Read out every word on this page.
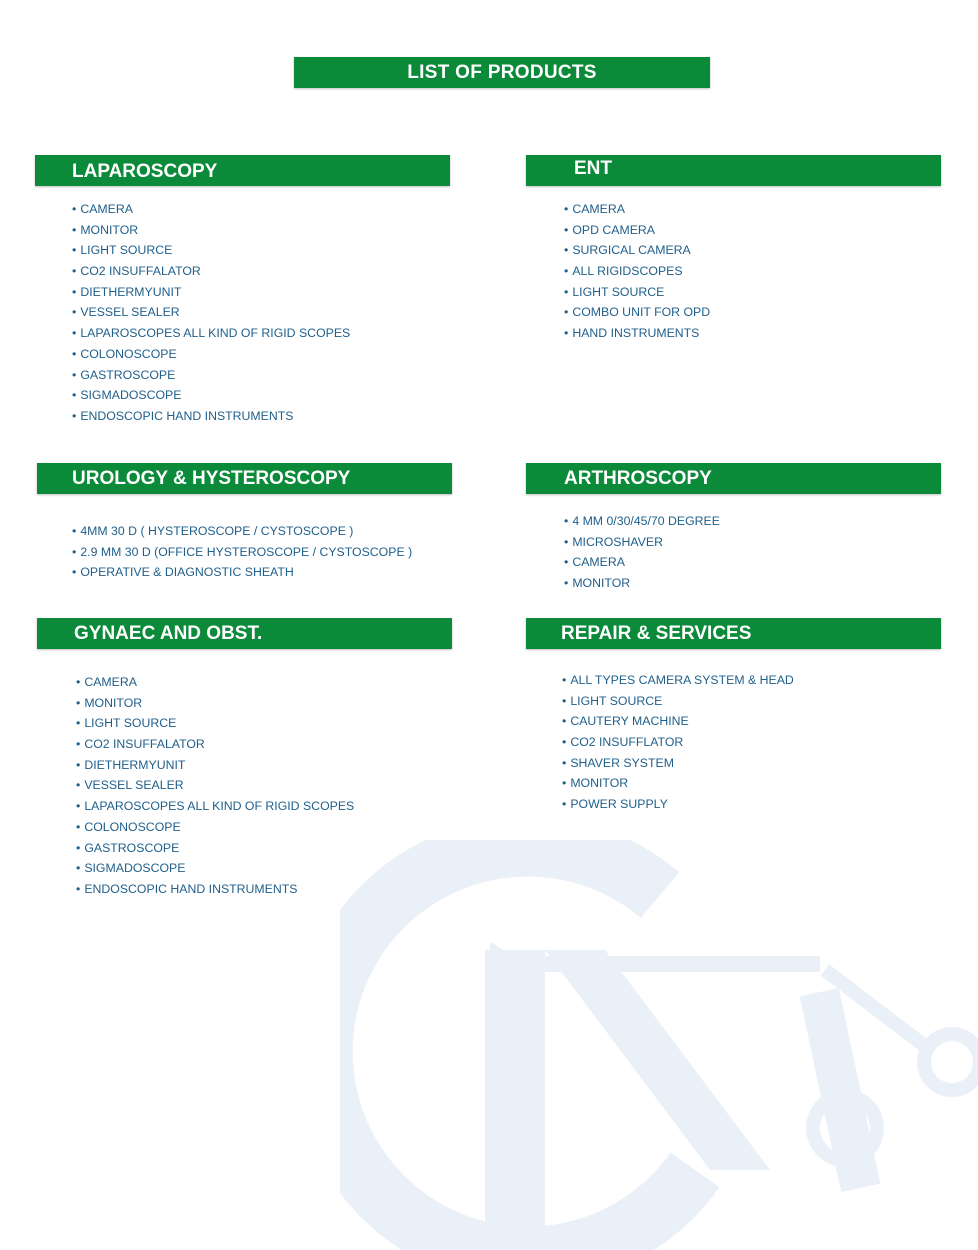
LIST OF PRODUCTS
LAPAROSCOPY
• CAMERA
• MONITOR
• LIGHT SOURCE
• CO2 INSUFFALATOR
• DIETHERMYUNIT
• VESSEL SEALER
• LAPAROSCOPES ALL KIND OF RIGID SCOPES
• COLONOSCOPE
• GASTROSCOPE
• SIGMADOSCOPE
• ENDOSCOPIC HAND INSTRUMENTS
ENT
• CAMERA
• OPD CAMERA
• SURGICAL CAMERA
• ALL RIGIDSCOPES
• LIGHT SOURCE
• COMBO UNIT FOR OPD
• HAND INSTRUMENTS
UROLOGY & HYSTEROSCOPY
• 4MM 30 D ( HYSTEROSCOPE / CYSTOSCOPE )
• 2.9 MM 30 D (OFFICE HYSTEROSCOPE / CYSTOSCOPE )
• OPERATIVE & DIAGNOSTIC SHEATH
ARTHROSCOPY
• 4 MM 0/30/45/70 DEGREE
• MICROSHAVER
• CAMERA
• MONITOR
GYNAEC AND OBST.
• CAMERA
• MONITOR
• LIGHT SOURCE
• CO2 INSUFFALATOR
• DIETHERMYUNIT
• VESSEL SEALER
• LAPAROSCOPES ALL KIND OF RIGID SCOPES
• COLONOSCOPE
• GASTROSCOPE
• SIGMADOSCOPE
• ENDOSCOPIC HAND INSTRUMENTS
REPAIR & SERVICES
• ALL TYPES CAMERA SYSTEM & HEAD
• LIGHT SOURCE
• CAUTERY MACHINE
• CO2 INSUFFLATOR
• SHAVER SYSTEM
• MONITOR
• POWER SUPPLY
